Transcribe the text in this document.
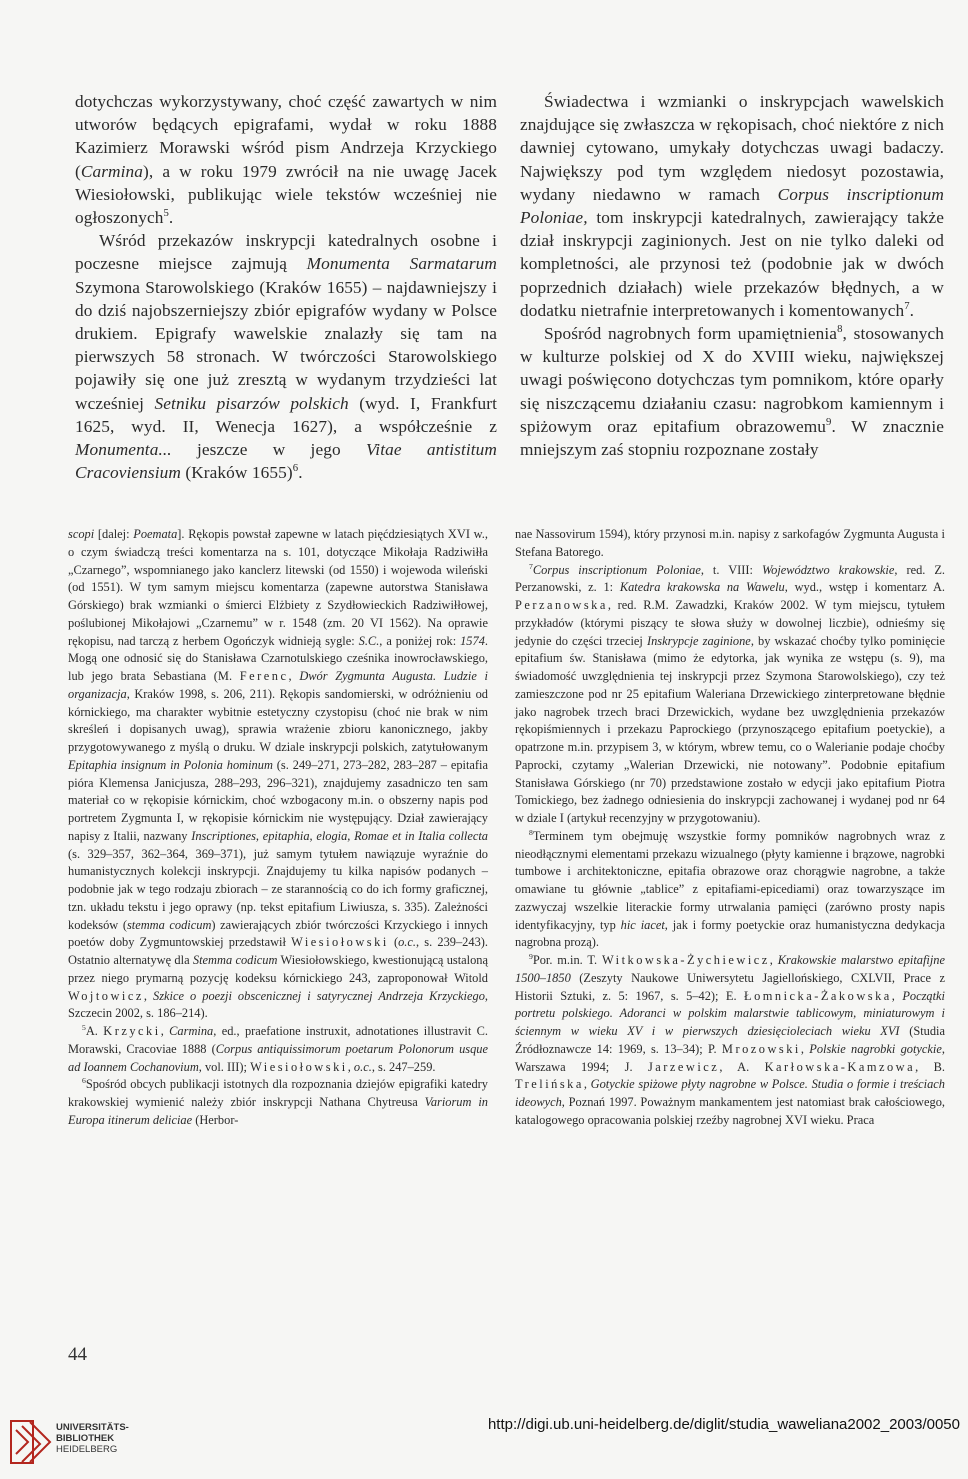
dotychczas wykorzystywany, choć część zawartych w nim utworów będących epigrafami, wydał w roku 1888 Kazimierz Morawski wśród pism Andrzeja Krzyckiego (Carmina), a w roku 1979 zwrócił na nie uwagę Jacek Wiesiołowski, publikując wiele tekstów wcześniej nie ogłoszonych$^5$.

Wśród przekazów inskrypcji katedralnych osobne i poczesne miejsce zajmują Monumenta Sarmatarum Szymona Starowolskiego (Kraków 1655) – najdawniejszy i do dziś najobszerniejszy zbiór epigrafów wydany w Polsce drukiem. Epigrafy wawelskie znalazły się tam na pierwszych 58 stronach. W twórczości Starowolskiego pojawiły się one już zresztą w wydanym trzydzieści lat wcześniej Setniku pisarzów polskich (wyd. I, Frankfurt 1625, wyd. II, Wenecja 1627), a współcześnie z Monumenta... jeszcze w jego Vitae antistitum Cracoviensium (Kraków 1655)$^6$.

Świadectwa i wzmianki o inskrypcjach wawelskich znajdujące się zwłaszcza w rękopisach, choć niektóre z nich dawniej cytowano, umykały dotychczas uwagi badaczy. Największy pod tym względem niedosyt pozostawia, wydany niedawno w ramach Corpus inscriptionum Poloniae, tom inskrypcji katedralnych, zawierający także dział inskrypcji zaginionych. Jest on nie tylko daleki od kompletności, ale przynosi też (podobnie jak w dwóch poprzednich działach) wiele przekazów błędnych, a w dodatku nietrafnie interpretowanych i komentowanych$^7$.

Spośród nagrobnych form upamiętnienia$^8$, stosowanych w kulturze polskiej od X do XVIII wieku, największej uwagi poświęcono dotychczas tym pomnikom, które oparły się niszczącemu działaniu czasu: nagrobkom kamiennym i spiżowym oraz epitafium obrazowemu$^9$. W znacznie mniejszym zaś stopniu rozpoznane zostały

scopi [dalej: Poemata]. Rękopis powstał zapewne w latach pięćdziesiątych XVI w., o czym świadczą treści komentarza na s. 101, dotyczące Mikołaja Radziwiłła „Czarnego”, wspomnianego jako kanclerz litewski (od 1550) i wojewoda wileński (od 1551). W tym samym miejscu komentarza (zapewne autorstwa Stanisława Górskiego) brak wzmianki o śmierci Elżbiety z Szydłowieckich Radziwiłłowej, poślubionej Mikołajowi „Czarnemu” w r. 1548 (zm. 20 VI 1562). Na oprawie rękopisu, nad tarczą z herbem Ogończyk widnieją sygle: S.C., a poniżej rok: 1574. Mogą one odnosić się do Stanisława Czarnotulskiego cześnika inowrocławskiego, lub jego brata Sebastiana (M. Ferenc, Dwór Zygmunta Augusta. Ludzie i organizacja, Kraków 1998, s. 206, 211). Rękopis sandomierski, w odróżnieniu od kórnickiego, ma charakter wybitnie estetyczny czystopisu (choć nie brak w nim skreśleń i dopisanych uwag), sprawia wrażenie zbioru kanonicznego, jakby przygotowywanego z myślą o druku. W dziale inskrypcji polskich, zatytułowanym Epitaphia insignum in Polonia hominum (s. 249–271, 273–282, 283–287 – epitafia pióra Klemensa Janicjusza, 288–293, 296–321), znajdujemy zasadniczo ten sam materiał co w rękopisie kórnickim, choć wzbogacony m.in. o obszerny napis pod portretem Zygmunta I, w rękopisie kórnickim nie występujący. Dział zawierający napisy z Italii, nazwany Inscriptiones, epitaphia, elogia, Romae et in Italia collecta (s. 329–357, 362–364, 369–371), już samym tytułem nawiązuje wyraźnie do humanistycznych kolekcji inskrypcji. Znajdujemy tu kilka napisów podanych – podobnie jak w tego rodzaju zbiorach – ze starannością co do ich formy graficznej, tzn. układu tekstu i jego oprawy (np. tekst epitafium Liwiusza, s. 335). Zależności kodeksów (stemma codicum) zawierających zbiór twórczości Krzyckiego i innych poetów doby Zygmuntowskiej przedstawił Wiesiołowski (o.c., s. 239–243). Ostatnio alternatywę dla Stemma codicum Wiesiołowskiego, kwestionującą ustaloną przez niego prymarną pozycję kodeksu kórnickiego 243, zaproponował Witold Wojtowicz, Szkice o poezji obscenicznej i satyrycznej Andrzeja Krzyckiego, Szczecin 2002, s. 186–214).

$^5$A. Krzycki, Carmina, ed., praefatione instruxit, adnotationes illustravit C. Morawski, Cracoviae 1888 (Corpus antiquissimorum poetarum Polonorum usque ad Ioannem Cochanovium, vol. III); Wiesiołowski, o.c., s. 247–259.

$^6$Spośród obcych publikacji istotnych dla rozpoznania dziejów epigrafiki katedry krakowskiej wymienić należy zbiór inskrypcji Nathana Chytreusa Variorum in Europa itinerum deliciae (Herbor-

nae Nassovirum 1594), który przynosi m.in. napisy z sarkofagów Zygmunta Augusta i Stefana Batorego.

$^7$Corpus inscriptionum Poloniae, t. VIII: Województwo krakowskie, red. Z. Perzanowski, z. 1: Katedra krakowska na Wawelu, wyd., wstęp i komentarz A. Perzanowska, red. R.M. Zawadzki, Kraków 2002. W tym miejscu, tytułem przykładów (którymi piszący te słowa służy w dowolnej liczbie), odnieśmy się jedynie do części trzeciej Inskrypcje zaginione, by wskazać choćby tylko pominięcie epitafium św. Stanisława (mimo że edytorka, jak wynika ze wstępu (s. 9), ma świadomość uwzględnienia tej inskrypcji przez Szymona Starowolskiego), czy też zamieszczone pod nr 25 epitafium Waleriana Drzewickiego zinterpretowane błędnie jako nagrobek trzech braci Drzewickich, wydane bez uwzględnienia przekazów rękopiśmiennych i przekazu Paprockiego (przynoszącego epitafium poetyckie), a opatrzone m.in. przypisem 3, w którym, wbrew temu, co o Walerianie podaje choćby Paprocki, czytamy „Walerian Drzewicki, nie notowany”. Podobnie epitafium Stanisława Górskiego (nr 70) przedstawione zostało w edycji jako epitafium Piotra Tomickiego, bez żadnego odniesienia do inskrypcji zachowanej i wydanej pod nr 64 w dziale I (artykuł recenzyjny w przygotowaniu).

$^8$Terminem tym obejmuję wszystkie formy pomników nagrobnych wraz z nieodłącznymi elementami przekazu wizualnego (płyty kamienne i brązowe, nagrobki tumbowe i architektoniczne, epitafia obrazowe oraz chorągwie nagrobne, a także omawiane tu głównie „tablice” z epitafiami-epicediami) oraz towarzyszące im zazwyczaj wszelkie literackie formy utrwalania pamięci (zarówno prosty napis identyfikacyjny, typ hic iacet, jak i formy poetyckie oraz humanistyczna dedykacja nagrobna prozą).

$^9$Por. m.in. T. Witkowska-Żychiewicz, Krakowskie malarstwo epitafijne 1500–1850 (Zeszyty Naukowe Uniwersytetu Jagiellońskiego, CXLVII, Prace z Historii Sztuki, z. 5: 1967, s. 5–42); E. Łomnicka-Żakowska, Początki portretu polskiego. Adoranci w polskim malarstwie tablicowym, miniaturowym i ściennym w wieku XV i w pierwszych dziesięcioleciach wieku XVI (Studia Źródłoznawcze 14: 1969, s. 13–34); P. Mrozowski, Polskie nagrobki gotyckie, Warszawa 1994; J. Jarzewicz, A. Karłowska-Kamzowa, B. Trelińska, Gotyckie spiżowe płyty nagrobne w Polsce. Studia o formie i treściach ideowych, Poznań 1997. Poważnym mankamentem jest natomiast brak całościowego, katalogowego opracowania polskiej rzeźby nagrobnej XVI wieku. Praca

44
UNIVERSITÄTS-
BIBLIOTHEK
HEIDELBERG
http://digi.ub.uni-heidelberg.de/diglit/studia_waweliana2002_2003/0050
